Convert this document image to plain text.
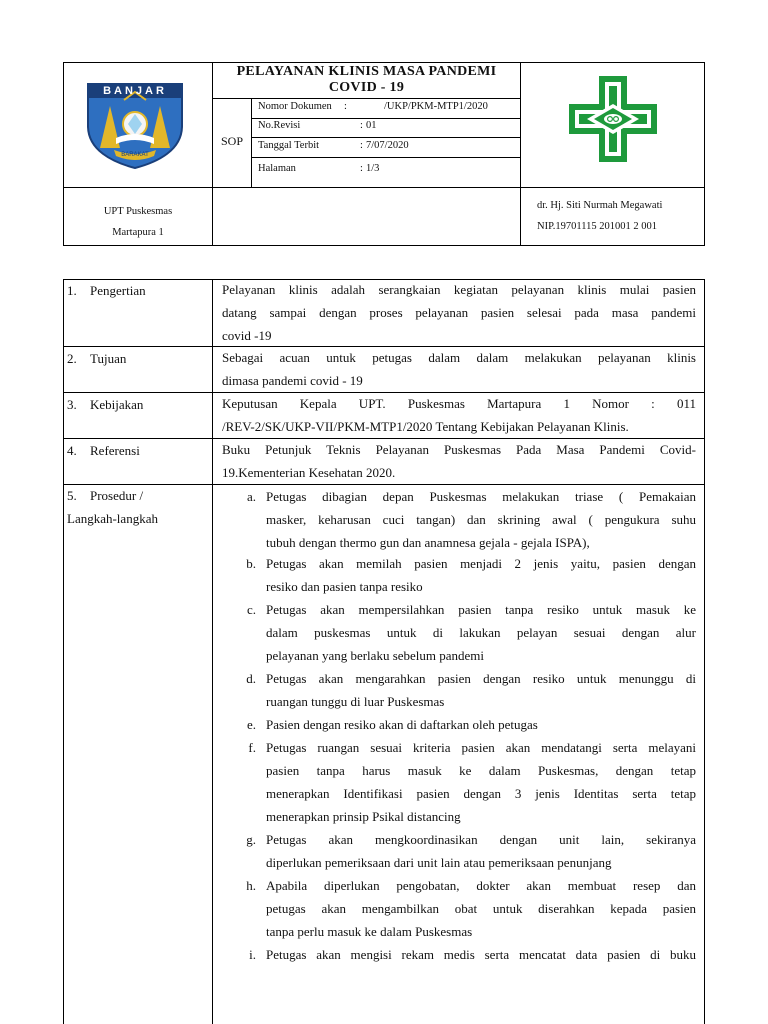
BANJAR
BARAKAT
PELAYANAN KLINIS MASA PANDEMI
COVID - 19
SOP
Nomor Dokumen :	/UKP/PKM-MTP1/2020
No.Revisi	: 01
Tanggal Terbit	: 7/07/2020
Halaman	: 1/3
UPT Puskesmas
Martapura 1
dr. Hj. Siti Nurmah Megawati
NIP.19701115 201001 2 001
1. Pengertian	Pelayanan klinis adalah serangkaian kegiatan pelayanan klinis mulai pasien
datang sampai dengan proses pelayanan pasien selesai pada masa pandemi
covid -19
2. Tujuan	Sebagai acuan untuk petugas dalam dalam melakukan pelayanan klinis
dimasa pandemi covid - 19
3. Kebijakan	Keputusan Kepala UPT. Puskesmas Martapura 1 Nomor : 011
/REV-2/SK/UKP-VII/PKM-MTP1/2020 Tentang Kebijakan Pelayanan Klinis.
4. Referensi	Buku Petunjuk Teknis Pelayanan Puskesmas Pada Masa Pandemi Covid-
19.Kementerian Kesehatan 2020.
5. Prosedur /
Langkah-langkah
a. Petugas dibagian depan Puskesmas melakukan triase ( Pemakaian
masker, keharusan cuci tangan) dan skrining awal ( pengukura suhu
tubuh dengan thermo gun dan anamnesa gejala - gejala ISPA),
b. Petugas akan memilah pasien menjadi 2 jenis yaitu, pasien dengan
resiko dan pasien tanpa resiko
c. Petugas akan mempersilahkan pasien tanpa resiko untuk masuk ke
dalam puskesmas untuk di lakukan pelayan sesuai dengan alur
pelayanan yang berlaku sebelum pandemi
d. Petugas akan mengarahkan pasien dengan resiko untuk menunggu di
ruangan tunggu di luar Puskesmas
e. Pasien dengan resiko akan di daftarkan oleh petugas
f. Petugas ruangan sesuai kriteria pasien akan mendatangi serta melayani
pasien tanpa harus masuk ke dalam Puskesmas, dengan tetap
menerapkan Identifikasi pasien dengan 3 jenis Identitas serta tetap
menerapkan prinsip Psikal distancing
g. Petugas akan mengkoordinasikan dengan unit lain, sekiranya
diperlukan pemeriksaan dari unit lain atau pemeriksaan penunjang
h. Apabila diperlukan pengobatan, dokter akan membuat resep dan
petugas akan mengambilkan obat untuk diserahkan kepada pasien
tanpa perlu masuk ke dalam Puskesmas
i. Petugas akan mengisi rekam medis serta mencatat data pasien di buku
